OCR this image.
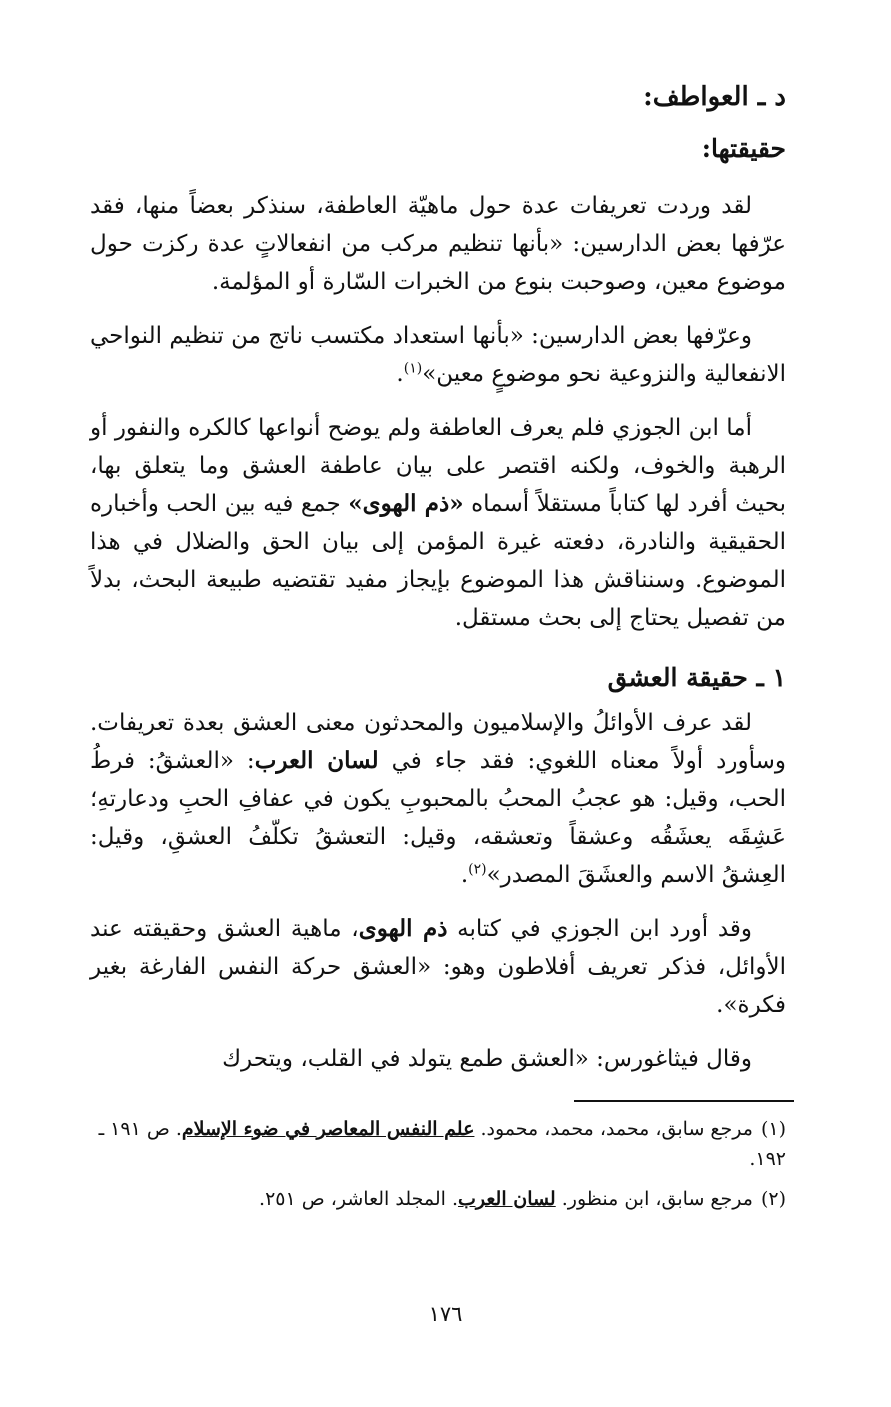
د ـ العواطف:
حقيقتها:

لقد وردت تعريفات عدة حول ماهيّة العاطفة، سنذكر بعضاً منها، فقد عرّفها بعض الدارسين: «بأنها تنظيم مركب من انفعالاتٍ عدة ركزت حول موضوع معين، وصوحبت بنوع من الخبرات السّارة أو المؤلمة.

وعرّفها بعض الدارسين: «بأنها استعداد مكتسب ناتج من تنظيم النواحي الانفعالية والنزوعية نحو موضوعٍ معين»$^{(١)}$.

أما ابن الجوزي فلم يعرف العاطفة ولم يوضح أنواعها كالكره والنفور أو الرهبة والخوف، ولكنه اقتصر على بيان عاطفة العشق وما يتعلق بها، بحيث أفرد لها كتاباً مستقلاً أسماه «ذم الهوى» جمع فيه بين الحب وأخباره الحقيقية والنادرة، دفعته غيرة المؤمن إلى بيان الحق والضلال في هذا الموضوع. وسنناقش هذا الموضوع بإيجاز مفيد تقتضيه طبيعة البحث، بدلاً من تفصيل يحتاج إلى بحث مستقل.

١ ـ حقيقة العشق

لقد عرف الأوائلُ والإسلاميون والمحدثون معنى العشق بعدة تعريفات. وسأورد أولاً معناه اللغوي: فقد جاء في لسان العرب: «العشقُ: فرطُ الحب، وقيل: هو عجبُ المحبُ بالمحبوبِ يكون في عفافِ الحبِ ودعارتهِ؛ عَشِقَه يعشَقُه وعشقاً وتعشقه، وقيل: التعشقُ تكلّفُ العشقِ، وقيل: العِشقُ الاسم والعشَقَ المصدر»$^{(٢)}$.

وقد أورد ابن الجوزي في كتابه ذم الهوى، ماهية العشق وحقيقته عند الأوائل، فذكر تعريف أفلاطون وهو: «العشق حركة النفس الفارغة بغير فكرة».

وقال فيثاغورس: «العشق طمع يتولد في القلب، ويتحرك

(١)مرجع سابق، محمد، محمد، محمود. علم النفس المعاصر في ضوء الإسلام. ص ١٩١ ـ ١٩٢.
(٢)مرجع سابق، ابن منظور. لسان العرب. المجلد العاشر، ص ٢٥١.
١٧٦
